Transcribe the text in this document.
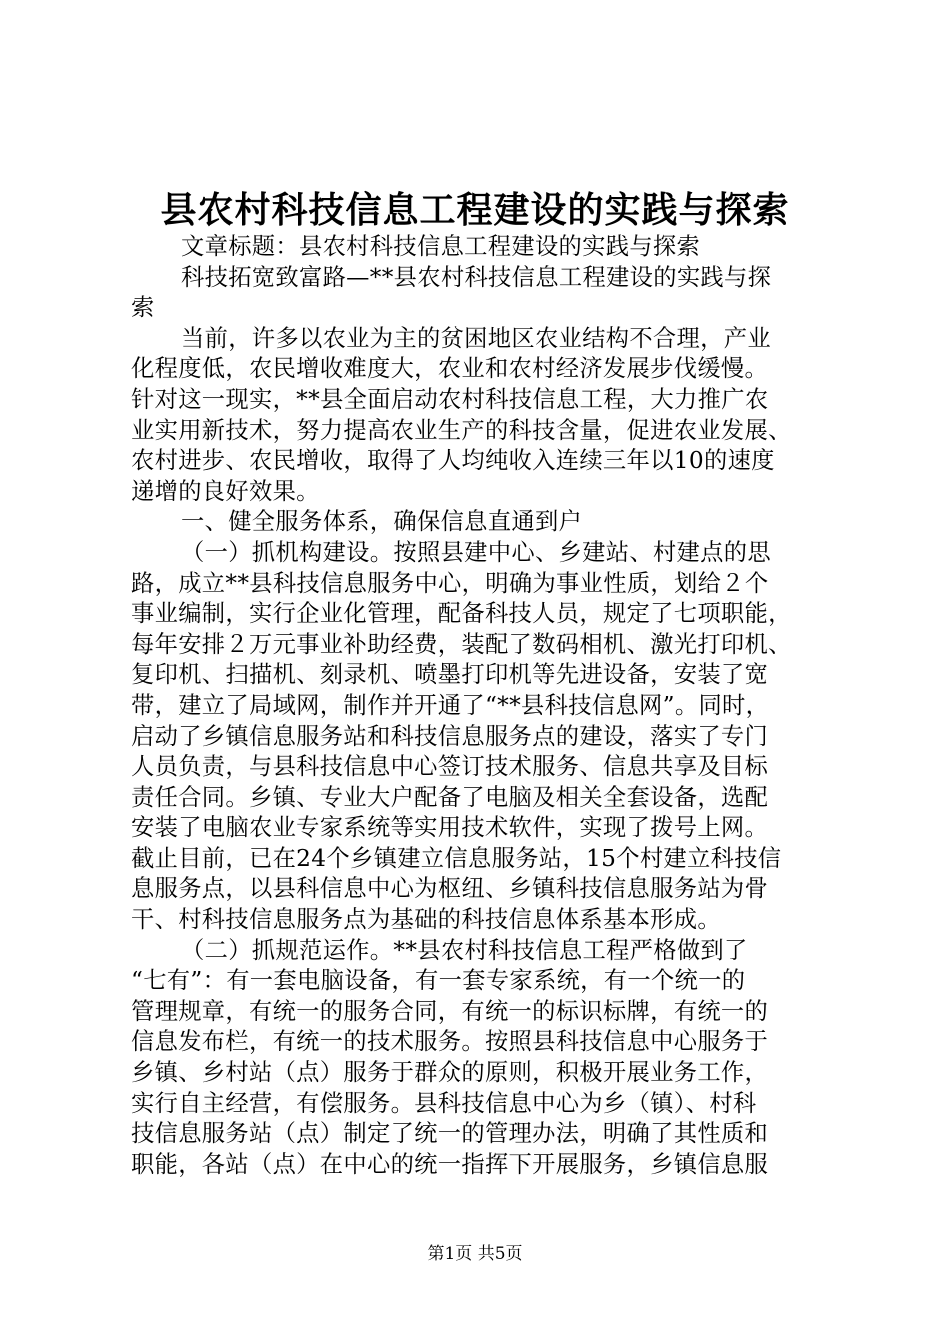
县农村科技信息工程建设的实践与探索
文章标题：县农村科技信息工程建设的实践与探索
科技拓宽致富路—**县农村科技信息工程建设的实践与探
索
当前，许多以农业为主的贫困地区农业结构不合理，产业
化程度低，农民增收难度大，农业和农村经济发展步伐缓慢。
针对这一现实，**县全面启动农村科技信息工程，大力推广农
业实用新技术，努力提高农业生产的科技含量，促进农业发展、
农村进步、农民增收，取得了人均纯收入连续三年以10的速度
递增的良好效果。
一、健全服务体系，确保信息直通到户
（一）抓机构建设。按照县建中心、乡建站、村建点的思
路，成立**县科技信息服务中心，明确为事业性质，划给２个
事业编制，实行企业化管理，配备科技人员，规定了七项职能，
每年安排２万元事业补助经费，装配了数码相机、激光打印机、
复印机、扫描机、刻录机、喷墨打印机等先进设备，安装了宽
带，建立了局域网，制作并开通了“**县科技信息网”。同时，
启动了乡镇信息服务站和科技信息服务点的建设，落实了专门
人员负责，与县科技信息中心签订技术服务、信息共享及目标
责任合同。乡镇、专业大户配备了电脑及相关全套设备，选配
安装了电脑农业专家系统等实用技术软件，实现了拨号上网。
截止目前，已在24个乡镇建立信息服务站，15个村建立科技信
息服务点，以县科信息中心为枢纽、乡镇科技信息服务站为骨
干、村科技信息服务点为基础的科技信息体系基本形成。
（二）抓规范运作。**县农村科技信息工程严格做到了
“七有”：有一套电脑设备，有一套专家系统，有一个统一的
管理规章，有统一的服务合同，有统一的标识标牌，有统一的
信息发布栏，有统一的技术服务。按照县科技信息中心服务于
乡镇、乡村站（点）服务于群众的原则，积极开展业务工作，
实行自主经营，有偿服务。县科技信息中心为乡（镇）、村科
技信息服务站（点）制定了统一的管理办法，明确了其性质和
职能，各站（点）在中心的统一指挥下开展服务，乡镇信息服
第1页 共5页
